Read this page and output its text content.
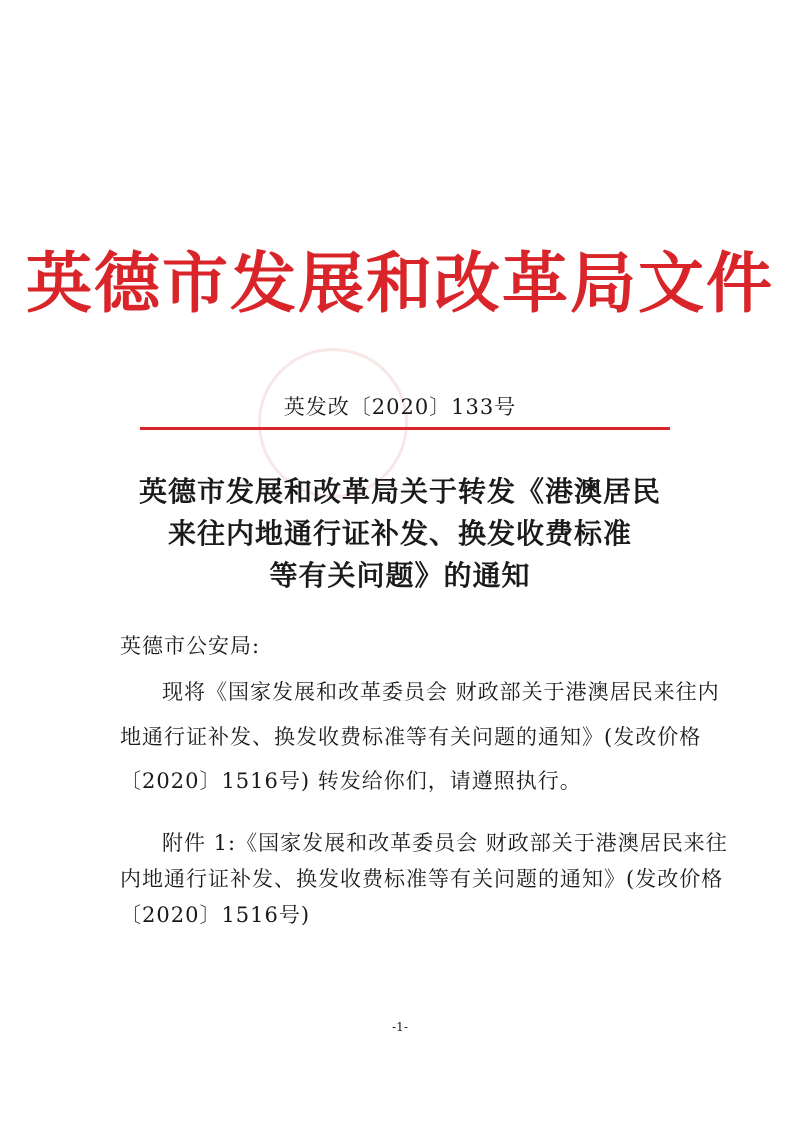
英德市发展和改革局文件
英发改〔2020〕133号
英德市发展和改革局关于转发《港澳居民
来往内地通行证补发、换发收费标准
等有关问题》的通知
英德市公安局:
现将《国家发展和改革委员会 财政部关于港澳居民来往内
地通行证补发、换发收费标准等有关问题的通知》(发改价格
〔2020〕1516号) 转发给你们，请遵照执行。
附件 1:《国家发展和改革委员会 财政部关于港澳居民来往
内地通行证补发、换发收费标准等有关问题的通知》(发改价格
〔2020〕1516号)
-1-
